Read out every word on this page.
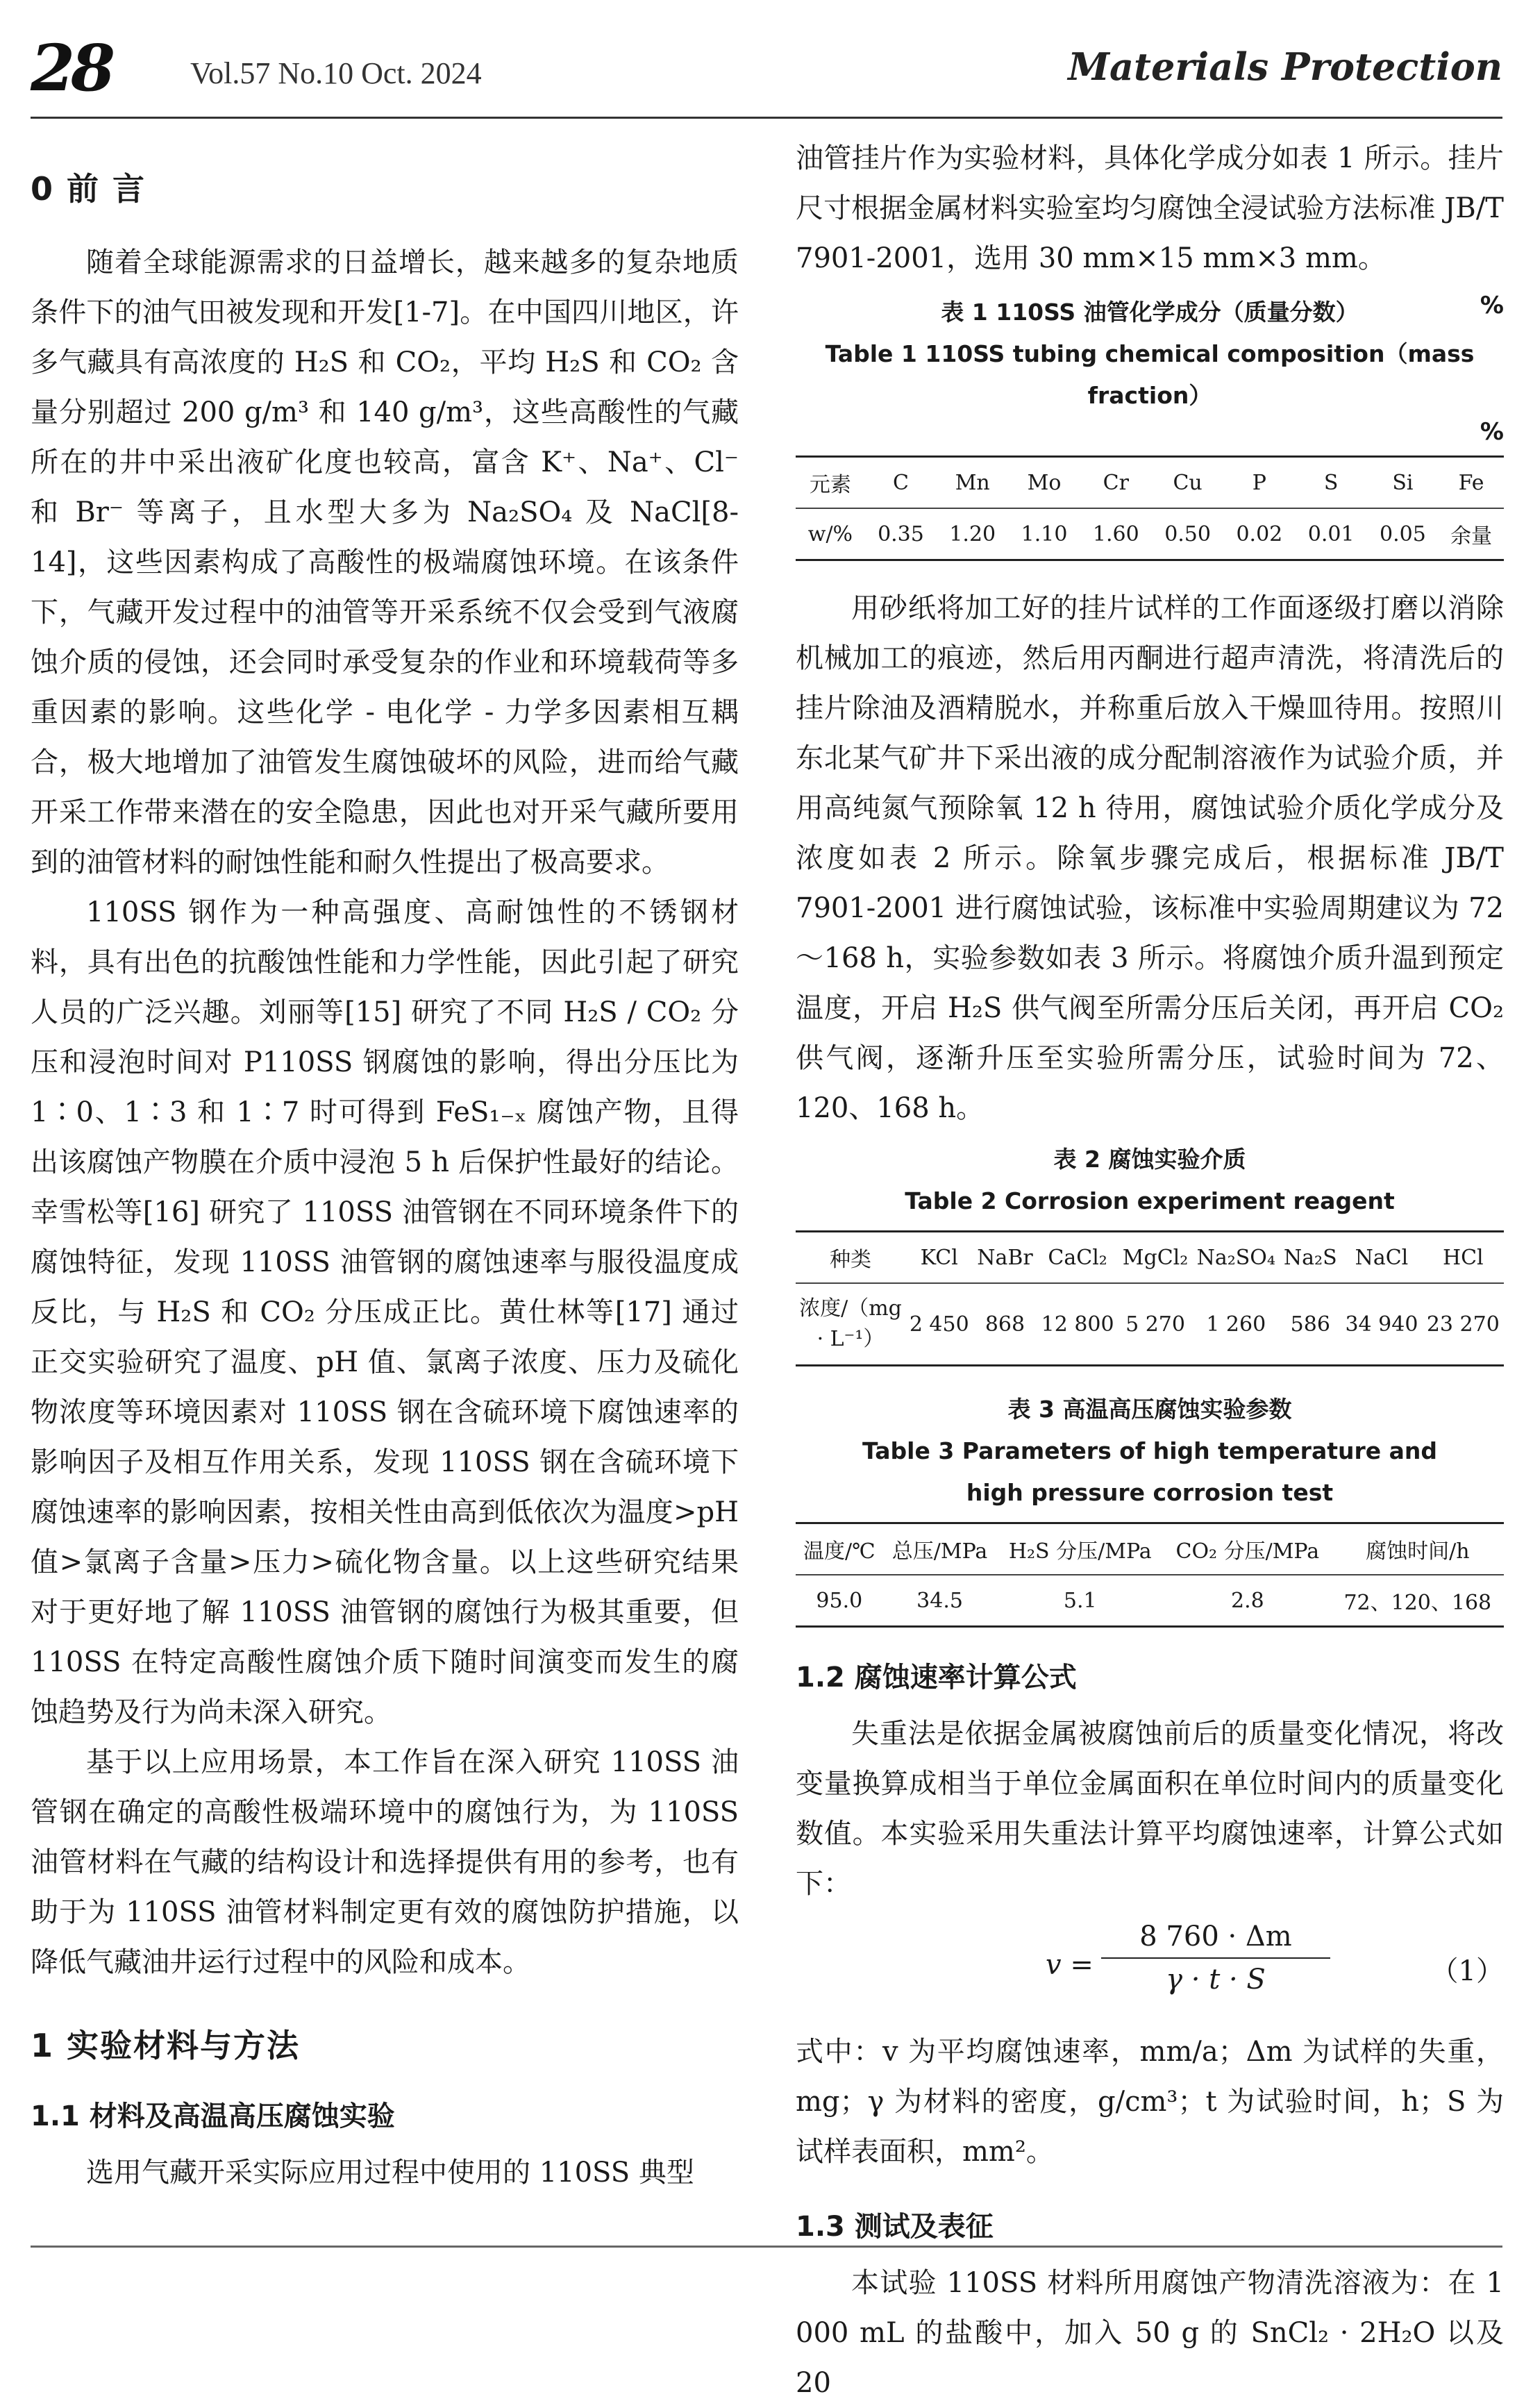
28	Vol.57 No.10 Oct. 2024	Materials Protection
0 前 言

随着全球能源需求的日益增长，越来越多的复杂地质条件下的油气田被发现和开发[1-7]。在中国四川地区，许多气藏具有高浓度的 H₂S 和 CO₂，平均 H₂S 和 CO₂ 含量分别超过 200 g/m³ 和 140 g/m³，这些高酸性的气藏所在的井中采出液矿化度也较高，富含 K⁺、Na⁺、Cl⁻ 和 Br⁻ 等离子，且水型大多为 Na₂SO₄ 及 NaCl[8-14]，这些因素构成了高酸性的极端腐蚀环境。在该条件下，气藏开发过程中的油管等开采系统不仅会受到气液腐蚀介质的侵蚀，还会同时承受复杂的作业和环境载荷等多重因素的影响。这些化学 - 电化学 - 力学多因素相互耦合，极大地增加了油管发生腐蚀破坏的风险，进而给气藏开采工作带来潜在的安全隐患，因此也对开采气藏所要用到的油管材料的耐蚀性能和耐久性提出了极高要求。

110SS 钢作为一种高强度、高耐蚀性的不锈钢材料，具有出色的抗酸蚀性能和力学性能，因此引起了研究人员的广泛兴趣。刘丽等[15] 研究了不同 H₂S / CO₂ 分压和浸泡时间对 P110SS 钢腐蚀的影响，得出分压比为 1∶0、1∶3 和 1∶7 时可得到 FeS₁₋ₓ 腐蚀产物，且得出该腐蚀产物膜在介质中浸泡 5 h 后保护性最好的结论。幸雪松等[16] 研究了 110SS 油管钢在不同环境条件下的腐蚀特征，发现 110SS 油管钢的腐蚀速率与服役温度成反比，与 H₂S 和 CO₂ 分压成正比。黄仕林等[17] 通过正交实验研究了温度、pH 值、氯离子浓度、压力及硫化物浓度等环境因素对 110SS 钢在含硫环境下腐蚀速率的影响因子及相互作用关系，发现 110SS 钢在含硫环境下腐蚀速率的影响因素，按相关性由高到低依次为温度>pH 值>氯离子含量>压力>硫化物含量。以上这些研究结果对于更好地了解 110SS 油管钢的腐蚀行为极其重要，但 110SS 在特定高酸性腐蚀介质下随时间演变而发生的腐蚀趋势及行为尚未深入研究。

基于以上应用场景，本工作旨在深入研究 110SS 油管钢在确定的高酸性极端环境中的腐蚀行为，为 110SS 油管材料在气藏的结构设计和选择提供有用的参考，也有助于为 110SS 油管材料制定更有效的腐蚀防护措施，以降低气藏油井运行过程中的风险和成本。

1 实验材料与方法
1.1 材料及高温高压腐蚀实验

选用气藏开采实际应用过程中使用的 110SS 典型

油管挂片作为实验材料，具体化学成分如表 1 所示。挂片尺寸根据金属材料实验室均匀腐蚀全浸试验方法标准 JB/T 7901-2001，选用 30 mm×15 mm×3 mm。

表 1 110SS 油管化学成分（质量分数）	%

Table 1 110SS tubing chemical composition（mass fraction）

%
元素	C	Mn	Mo	Cr	Cu	P	S	Si	Fe
w/%	0.35	1.20	1.10	1.60	0.50	0.02	0.01	0.05	余量

用砂纸将加工好的挂片试样的工作面逐级打磨以消除机械加工的痕迹，然后用丙酮进行超声清洗，将清洗后的挂片除油及酒精脱水，并称重后放入干燥皿待用。按照川东北某气矿井下采出液的成分配制溶液作为试验介质，并用高纯氮气预除氧 12 h 待用，腐蚀试验介质化学成分及浓度如表 2 所示。除氧步骤完成后，根据标准 JB/T 7901-2001 进行腐蚀试验，该标准中实验周期建议为 72～168 h，实验参数如表 3 所示。将腐蚀介质升温到预定温度，开启 H₂S 供气阀至所需分压后关闭，再开启 CO₂ 供气阀，逐渐升压至实验所需分压，试验时间为 72、120、168 h。

表 2 腐蚀实验介质

Table 2 Corrosion experiment reagent

种类	KCl	NaBr	CaCl₂	MgCl₂	Na₂SO₄	Na₂S	NaCl	HCl
浓度/（mg · L⁻¹）	2 450	868	12 800	5 270	1 260	586	34 940	23 270

表 3 高温高压腐蚀实验参数

Table 3 Parameters of high temperature and

high pressure corrosion test

温度/℃	总压/MPa	H₂S 分压/MPa	CO₂ 分压/MPa	腐蚀时间/h
95.0	34.5	5.1	2.8	72、120、168
1.2 腐蚀速率计算公式

失重法是依据金属被腐蚀前后的质量变化情况，将改变量换算成相当于单位金属面积在单位时间内的质量变化数值。本实验采用失重法计算平均腐蚀速率，计算公式如下：

$v = \frac{8 760 \cdot \Delta m}{\gamma \cdot t \cdot S}$	（1）

式中：v 为平均腐蚀速率，mm/a；Δm 为试样的失重，mg；γ 为材料的密度，g/cm³；t 为试验时间，h；S 为试样表面积，mm²。

1.3 测试及表征

本试验 110SS 材料所用腐蚀产物清洗溶液为：在 1 000 mL 的盐酸中，加入 50 g 的 SnCl₂ · 2H₂O 以及 20
